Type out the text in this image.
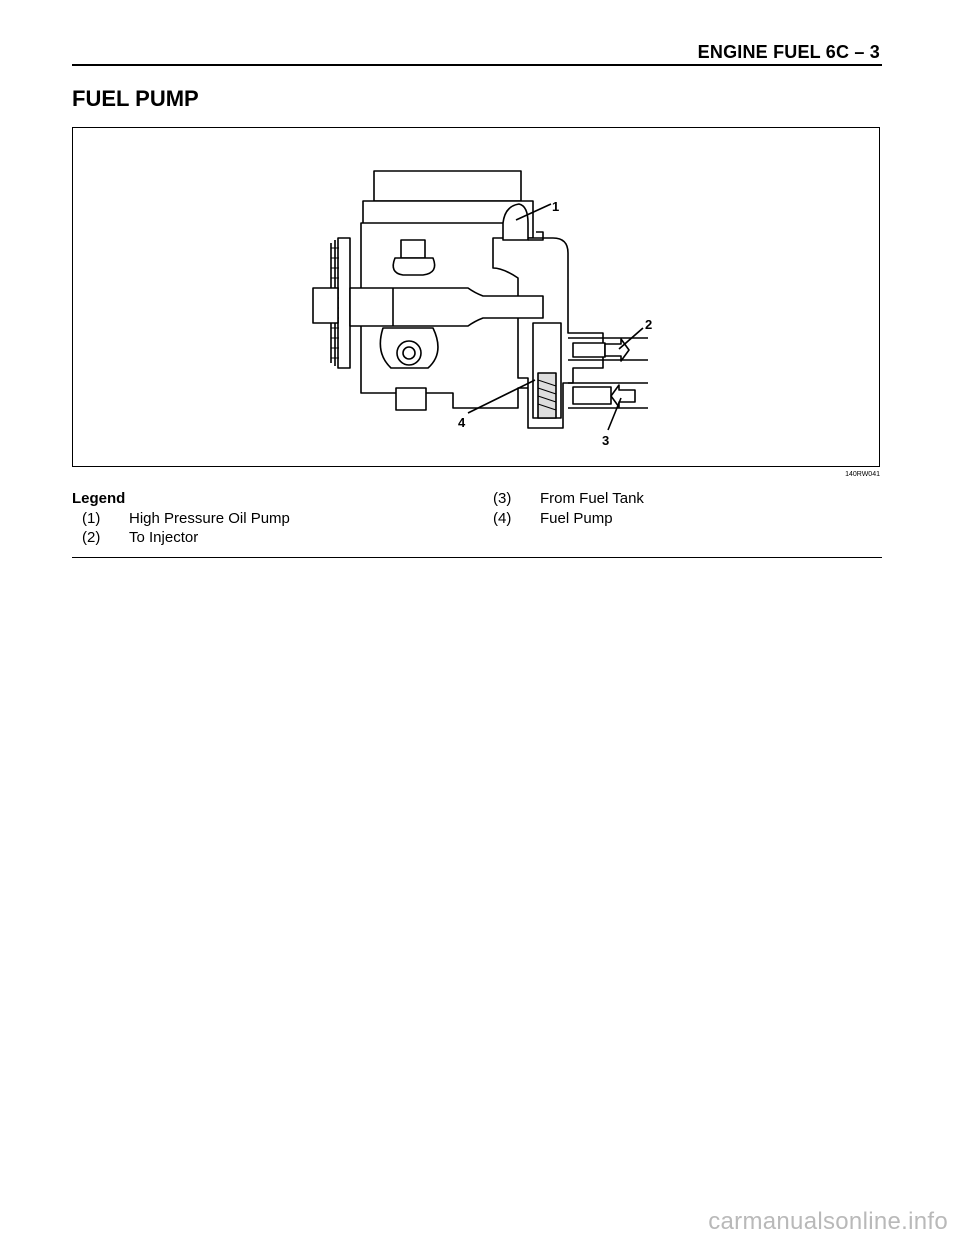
ENGINE FUEL 6C – 3
FUEL PUMP
1
2
3
4
140RW041
Legend
(1)	High Pressure Oil Pump
(2)	To Injector
(3)	From Fuel Tank
(4)	Fuel Pump
carmanualsonline.info
